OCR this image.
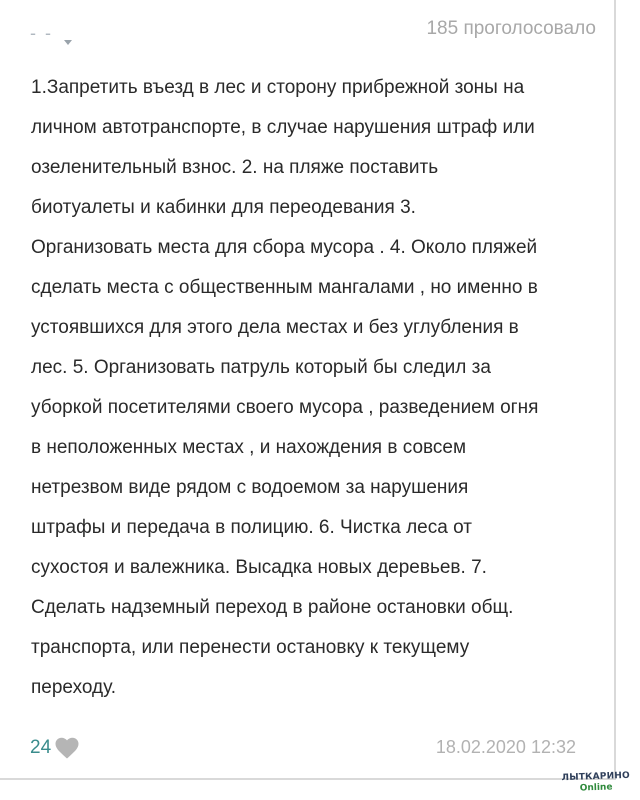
- -	185 проголосовало

1.Запретить въезд в лес и сторону прибрежной зоны на
личном автотранспорте, в случае нарушения штраф или
озеленительный взнос. 2. на пляже поставить
биотуалеты и кабинки для переодевания 3.
Организовать места для сбора мусора . 4. Около пляжей
сделать места с общественным мангалами , но именно в
устоявшихся для этого дела местах и без углубления в
лес. 5. Организовать патруль который бы следил за
уборкой посетителями своего мусора , разведением огня
в неположенных местах , и нахождения в совсем
нетрезвом виде рядом с водоемом за нарушения
штрафы и передача в полицию. 6. Чистка леса от
сухостоя и валежника. Высадка новых деревьев. 7.
Сделать надземный переход в районе остановки общ.
транспорта, или перенести остановку к текущему
переходу.

24	18.02.2020 12:32
ЛЫТКАРИНО
Online
